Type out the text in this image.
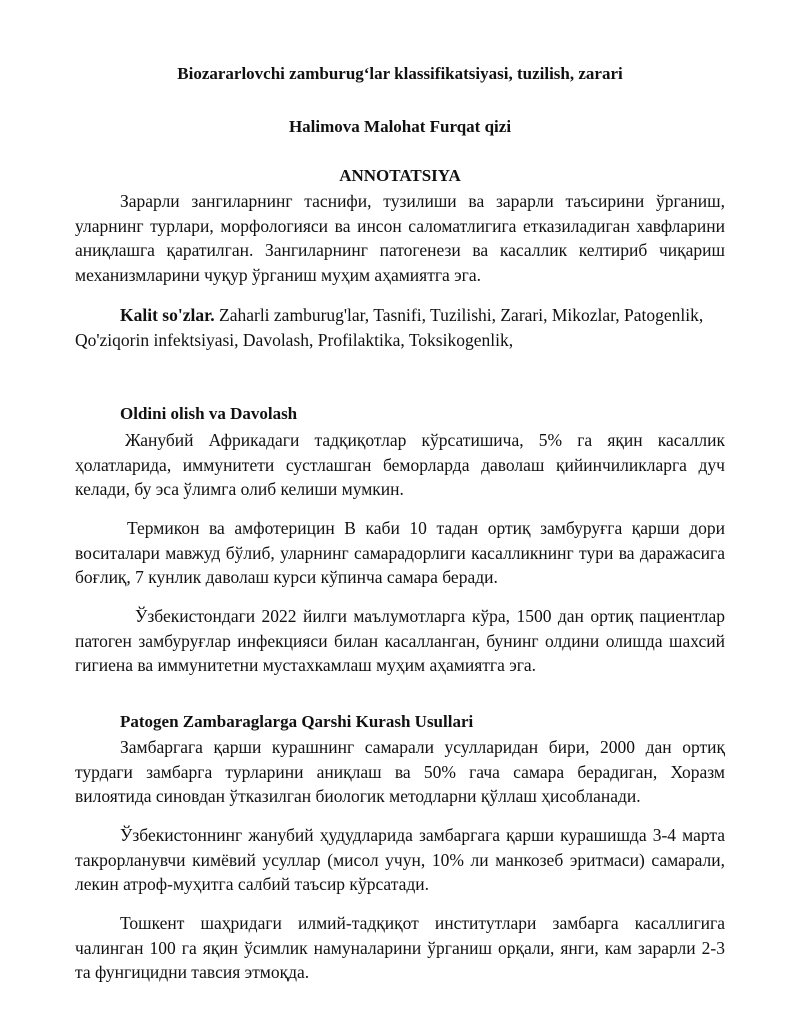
Biozararlovchi zamburug‘lar klassifikatsiyasi, tuzilish, zarari
Halimova Malohat Furqat qizi
ANNOTATSIYA
Зарарли зангиларнинг таснифи, тузилиши ва зарарли таъсирини ўрганиш, уларнинг турлари, морфологияси ва инсон саломатлигига етказиладиган хавфларини аниқлашга қаратилган. Зангиларнинг патогенези ва касаллик келтириб чиқариш механизмларини чуқур ўрганиш муҳим аҳамиятга эга.
Kalit so'zlar. Zaharli zamburug'lar, Tasnifi, Tuzilishi, Zarari, Mikozlar, Patogenlik, Qo'ziqorin infektsiyasi, Davolash, Profilaktika, Toksikogenlik,
Oldini olish va Davolash
Жанубий Африкадаги тадқиқотлар кўрсатишича, 5% га яқин касаллик ҳолатларида, иммунитети сустлашган беморларда даволаш қийинчиликларга дуч келади, бу эса ўлимга олиб келиши мумкин.
Термикон ва амфотерицин В каби 10 тадан ортиқ замбуруғга қарши дори воситалари мавжуд бўлиб, уларнинг самарадорлиги касалликнинг тури ва даражасига боғлиқ, 7 кунлик даволаш курси кўпинча самара беради.
Ўзбекистондаги 2022 йилги маълумотларга кўра, 1500 дан ортиқ пациентлар патоген замбуруғлар инфекцияси билан касалланган, бунинг олдини олишда шахсий гигиена ва иммунитетни мустахкамлаш муҳим аҳамиятга эга.
Patogen Zambaraglarga Qarshi Kurash Usullari
Замбаргага қарши курашнинг самарали усулларидан бири, 2000 дан ортиқ турдаги замбарга турларини аниқлаш ва 50% гача самара берадиган, Хоразм вилоятида синовдан ўтказилган биологик методларни қўллаш ҳисобланади.
Ўзбекистоннинг жанубий ҳудудларида замбаргага қарши курашишда 3-4 марта такрорланувчи кимёвий усуллар (мисол учун, 10% ли манкозеб эритмаси) самарали, лекин атроф-муҳитга салбий таъсир кўрсатади.
Тошкент шаҳридаги илмий-тадқиқот институтлари замбарга касаллигига чалинган 100 га яқин ўсимлик намуналарини ўрганиш орқали, янги, кам зарарли 2-3 та фунгицидни тавсия этмоқда.
